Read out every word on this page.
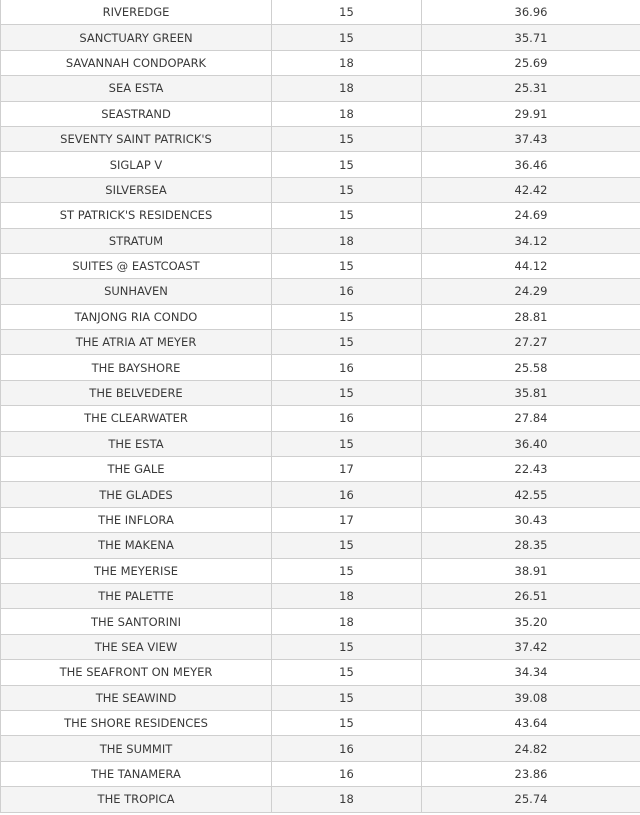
RIVEREDGE	15	36.96
SANCTUARY GREEN	15	35.71
SAVANNAH CONDOPARK	18	25.69
SEA ESTA	18	25.31
SEASTRAND	18	29.91
SEVENTY SAINT PATRICK'S	15	37.43
SIGLAP V	15	36.46
SILVERSEA	15	42.42
ST PATRICK'S RESIDENCES	15	24.69
STRATUM	18	34.12
SUITES @ EASTCOAST	15	44.12
SUNHAVEN	16	24.29
TANJONG RIA CONDO	15	28.81
THE ATRIA AT MEYER	15	27.27
THE BAYSHORE	16	25.58
THE BELVEDERE	15	35.81
THE CLEARWATER	16	27.84
THE ESTA	15	36.40
THE GALE	17	22.43
THE GLADES	16	42.55
THE INFLORA	17	30.43
THE MAKENA	15	28.35
THE MEYERISE	15	38.91
THE PALETTE	18	26.51
THE SANTORINI	18	35.20
THE SEA VIEW	15	37.42
THE SEAFRONT ON MEYER	15	34.34
THE SEAWIND	15	39.08
THE SHORE RESIDENCES	15	43.64
THE SUMMIT	16	24.82
THE TANAMERA	16	23.86
THE TROPICA	18	25.74
